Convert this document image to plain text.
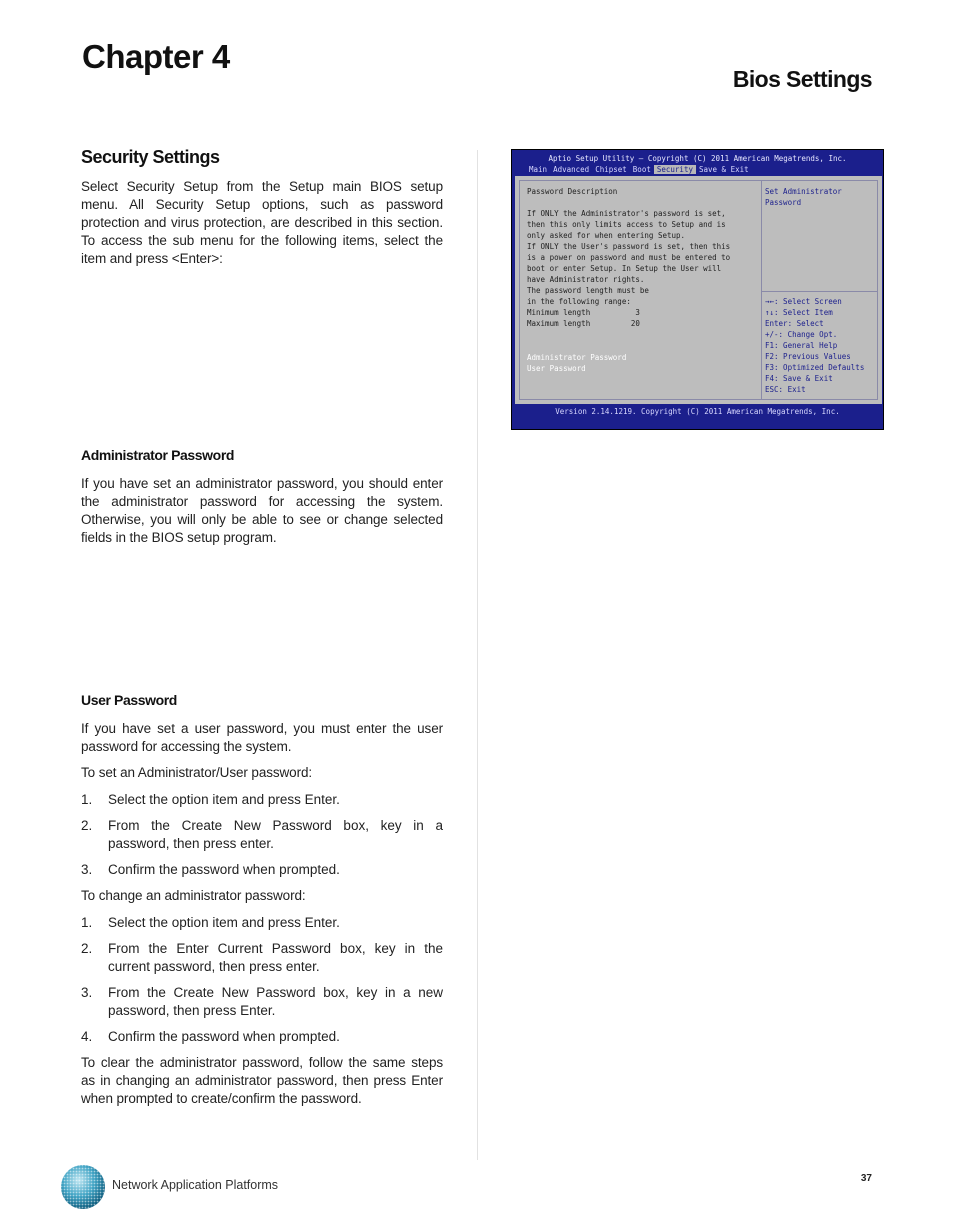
Chapter 4
Bios Settings
Security Settings

Select Security Setup from the Setup main BIOS setup menu. All Security Setup options, such as password protection and virus protection, are described in this section. To access the sub menu for the following items, select the item and press <Enter>:

Administrator Password

If you have set an administrator password, you should enter the administrator password for accessing the system. Otherwise, you will only be able to see or change selected fields in the BIOS setup program.

User Password

If you have set a user password, you must enter the user password for accessing the system.

To set an Administrator/User password:

1. Select the option item and press Enter.
2. From the Create New Password box, key in a password, then press enter.
3. Confirm the password when prompted.

To change an administrator password:

1. Select the option item and press Enter.
2. From the Enter Current Password box, key in the current password, then press enter.
3. From the Create New Password box, key in a new password, then press Enter.
4. Confirm the password when prompted.

To clear the administrator password, follow the same steps as in changing an administrator password, then press Enter when prompted to create/confirm the password.

Aptio Setup Utility – Copyright (C) 2011 American Megatrends, Inc.
Main Advanced Chipset Boot Security Save & Exit
Password Description

If ONLY the Administrator's password is set,
then this only limits access to Setup and is
only asked for when entering Setup.
If ONLY the User's password is set, then this
is a power on password and must be entered to
boot or enter Setup. In Setup the User will
have Administrator rights.
The password length must be
in the following range:
Minimum length          3
Maximum length         20
Administrator Password
User Password
Set Administrator
Password
→←: Select Screen
↑↓: Select Item
Enter: Select
+/-: Change Opt.
F1: General Help
F2: Previous Values
F3: Optimized Defaults
F4: Save & Exit
ESC: Exit
Version 2.14.1219. Copyright (C) 2011 American Megatrends, Inc.
Network Application Platforms	37
